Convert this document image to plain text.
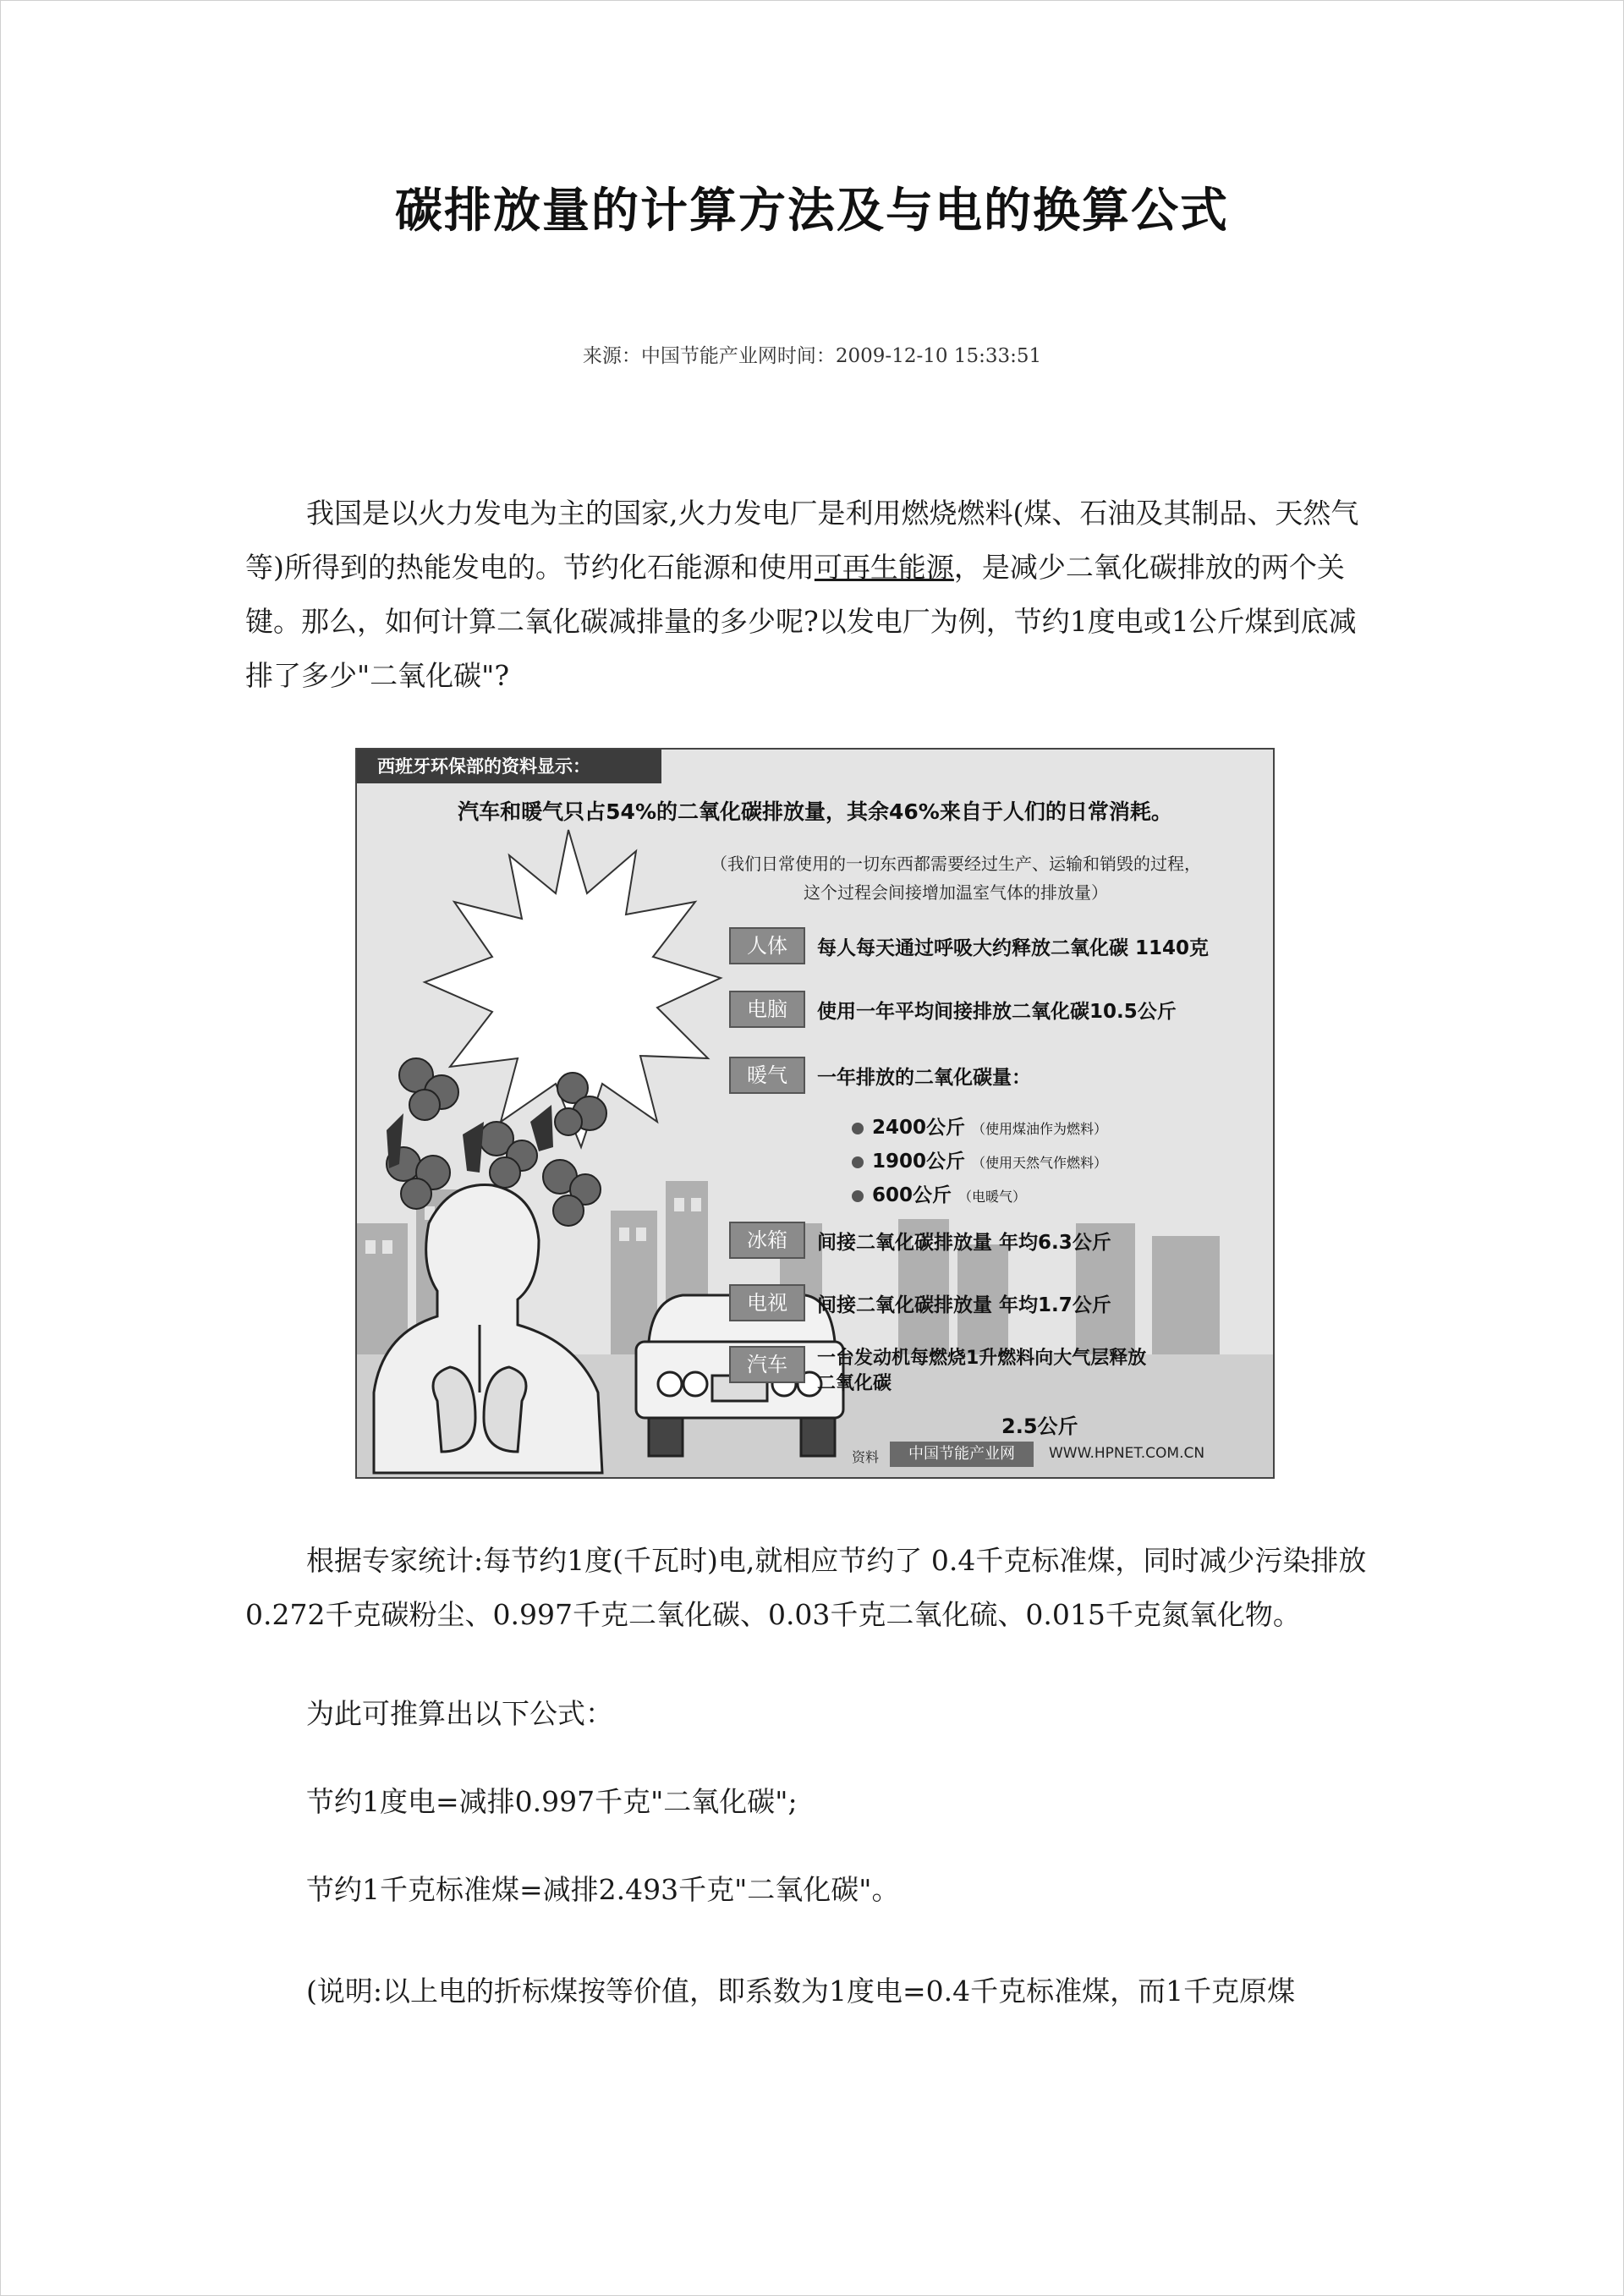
碳排放量的计算方法及与电的换算公式
来源：中国节能产业网时间：2009-12-10 15:33:51

我国是以火力发电为主的国家,火力发电厂是利用燃烧燃料(煤、石油及其制品、天然气等)所得到的热能发电的。节约化石能源和使用可再生能源，是减少二氧化碳排放的两个关键。那么，如何计算二氧化碳减排量的多少呢?以发电厂为例，节约1度电或1公斤煤到底减排了多少"二氧化碳"?

西班牙环保部的资料显示：
汽车和暖气只占54%的二氧化碳排放量，其余46%来自于人们的日常消耗。
（我们日常使用的一切东西都需要经过生产、运输和销毁的过程，这个过程会间接增加温室气体的排放量）
人体	每人每天通过呼吸大约释放二氧化碳 1140克
电脑	使用一年平均间接排放二氧化碳10.5公斤
暖气	一年排放的二氧化碳量：
2400公斤 （使用煤油作为燃料）
1900公斤 （使用天然气作燃料）
600公斤 （电暖气）
冰箱	间接二氧化碳排放量 年均6.3公斤
电视	间接二氧化碳排放量 年均1.7公斤
汽车	一台发动机每燃烧1升燃料向大气层释放二氧化碳
2.5公斤
资料	中国节能产业网	WWW.HPNET.COM.CN

根据专家统计:每节约1度(千瓦时)电,就相应节约了 0.4千克标准煤，同时减少污染排放0.272千克碳粉尘、0.997千克二氧化碳、0.03千克二氧化硫、0.015千克氮氧化物。

为此可推算出以下公式：
节约1度电=减排0.997千克"二氧化碳";
节约1千克标准煤=减排2.493千克"二氧化碳"。
(说明:以上电的折标煤按等价值，即系数为1度电=0.4千克标准煤，而1千克原煤
